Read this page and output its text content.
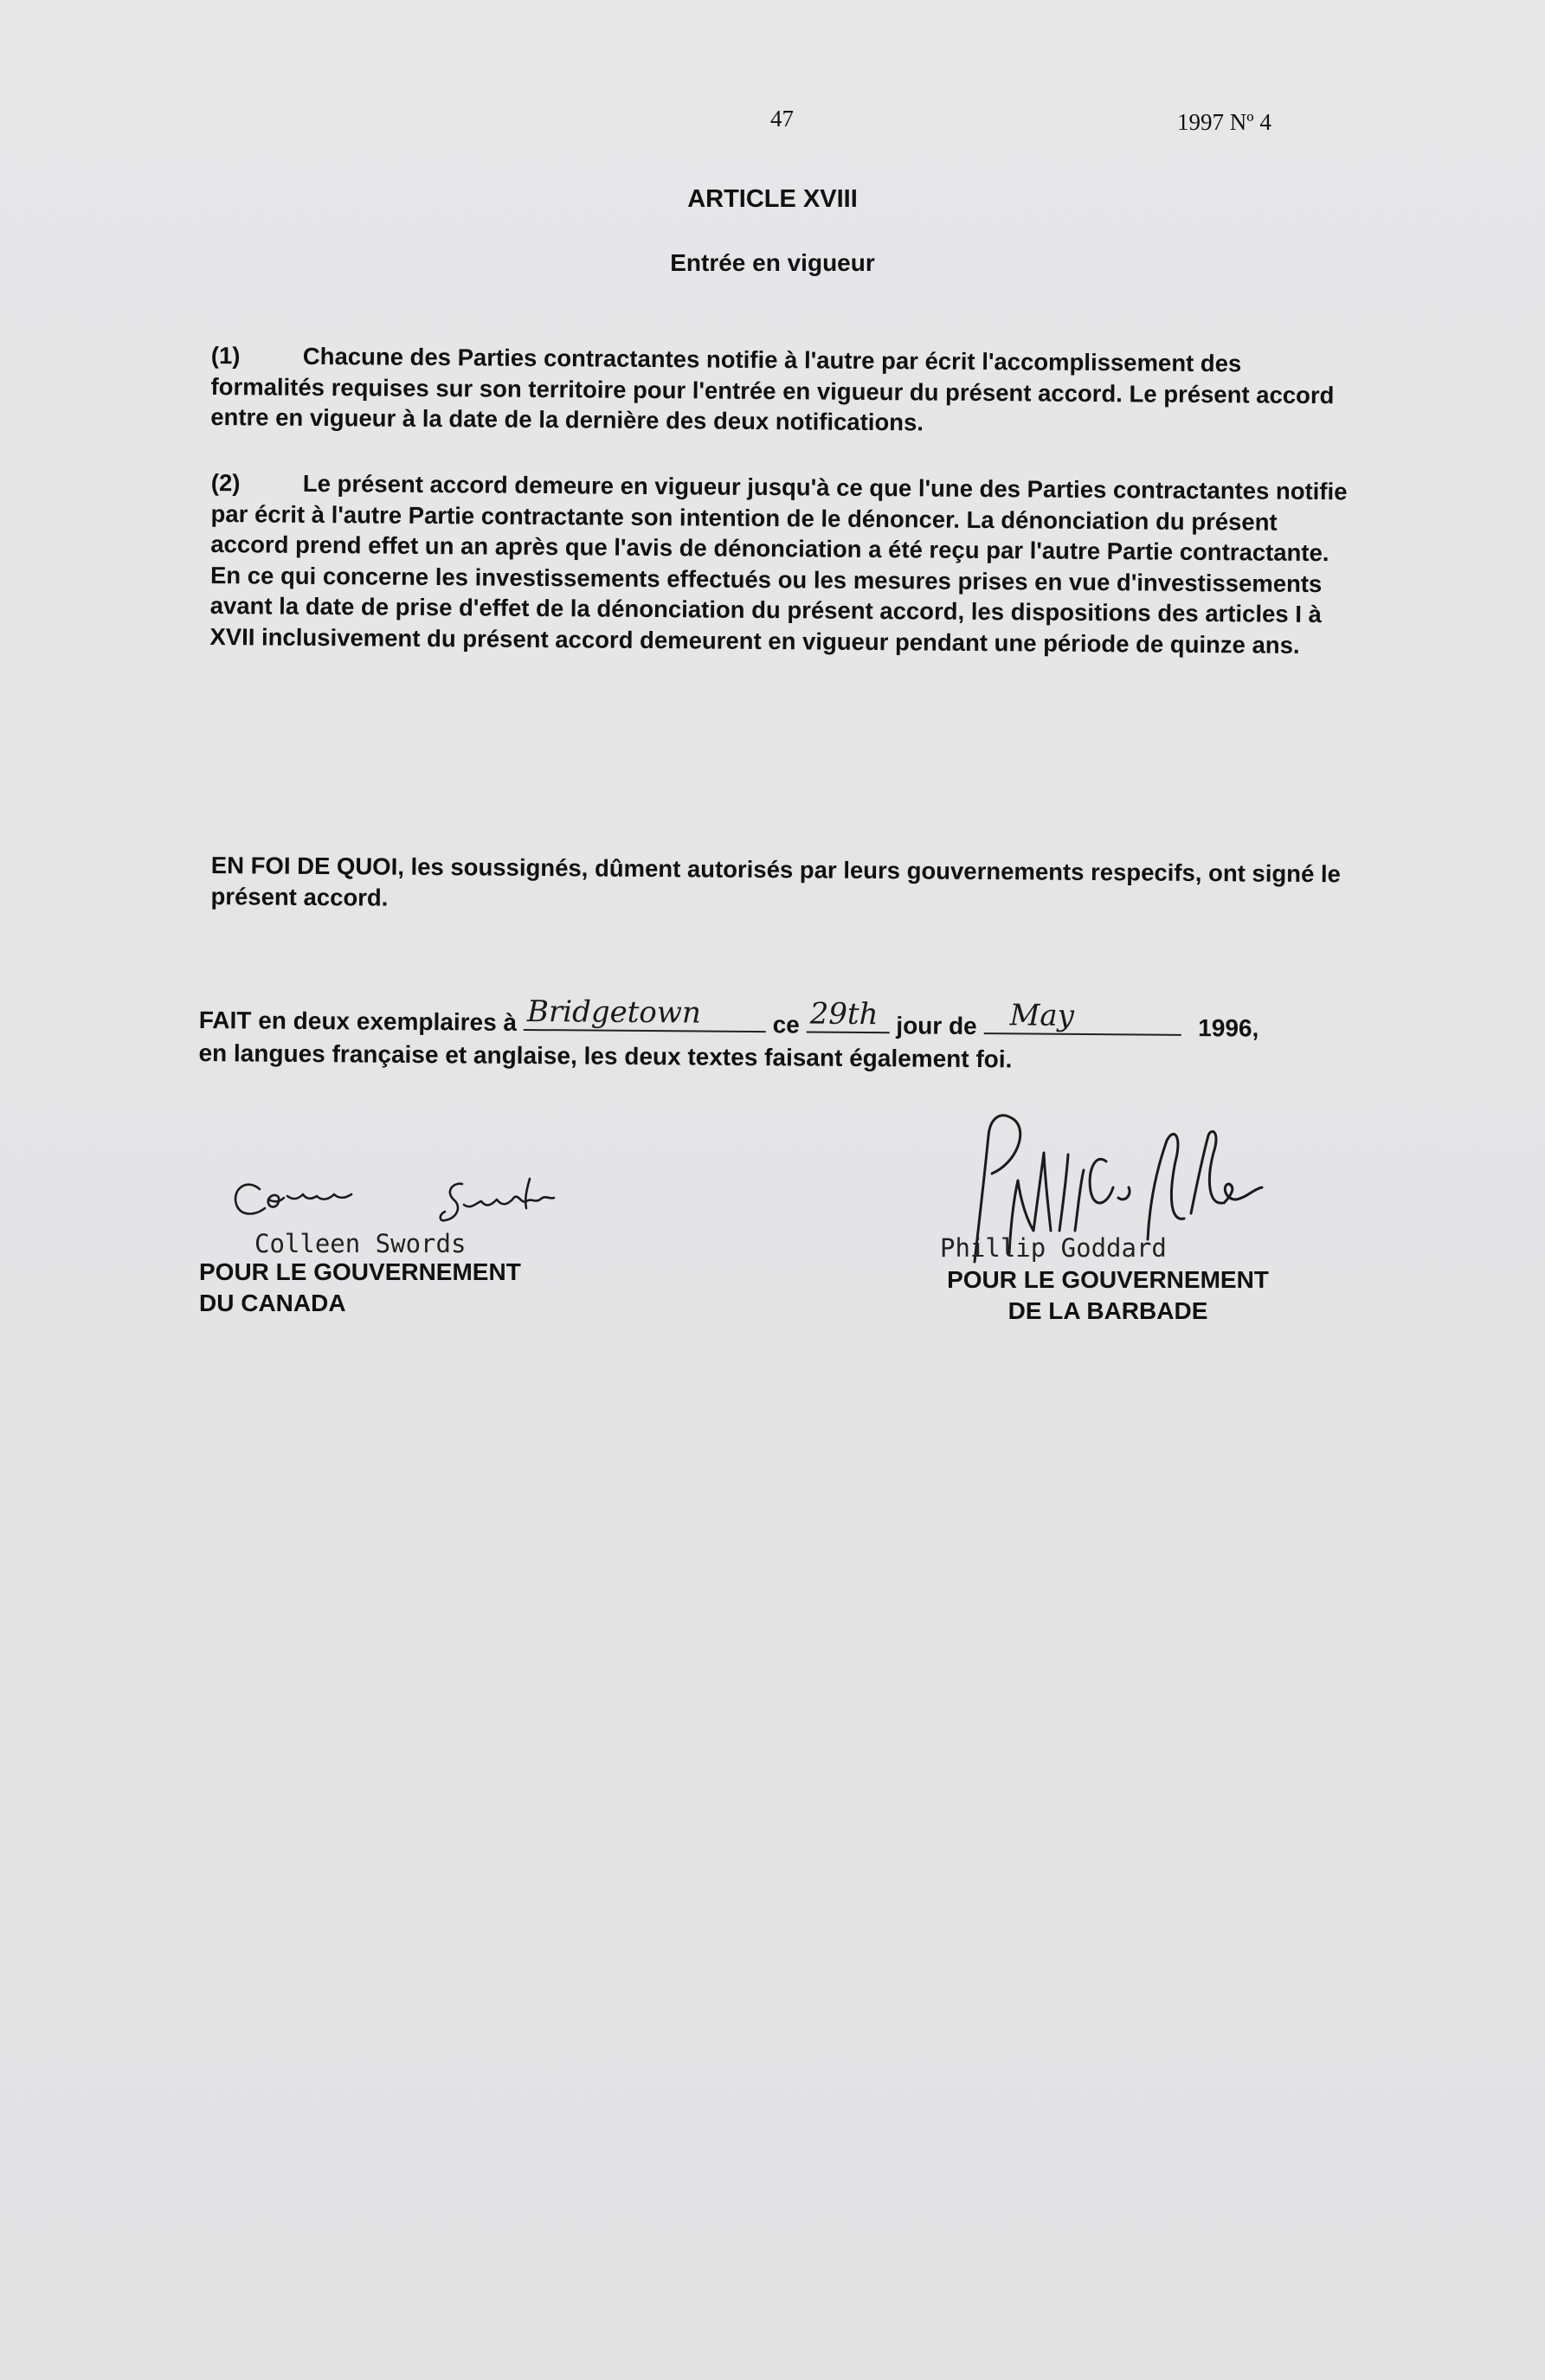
47	1997 Nº 4
ARTICLE XVIII
Entrée en vigueur
(1)	Chacune des Parties contractantes notifie à l'autre par écrit l'accomplissement des formalités requises sur son territoire pour l'entrée en vigueur du présent accord. Le présent accord entre en vigueur à la date de la dernière des deux notifications.
(2)	Le présent accord demeure en vigueur jusqu'à ce que l'une des Parties contractantes notifie par écrit à l'autre Partie contractante son intention de le dénoncer. La dénonciation du présent accord prend effet un an après que l'avis de dénonciation a été reçu par l'autre Partie contractante. En ce qui concerne les investissements effectués ou les mesures prises en vue d'investissements avant la date de prise d'effet de la dénonciation du présent accord, les dispositions des articles I à XVII inclusivement du présent accord demeurent en vigueur pendant une période de quinze ans.
EN FOI DE QUOI, les soussignés, dûment autorisés par leurs gouvernements respecifs, ont signé le présent accord.
FAIT en deux exemplaires à Bridgetown	ce 29th jour de May	1996,
en langues française et anglaise, les deux textes faisant également foi.
Colleen Swords
POUR LE GOUVERNEMENT
DU CANADA
Phillip Goddard
POUR LE GOUVERNEMENT
DE LA BARBADE
